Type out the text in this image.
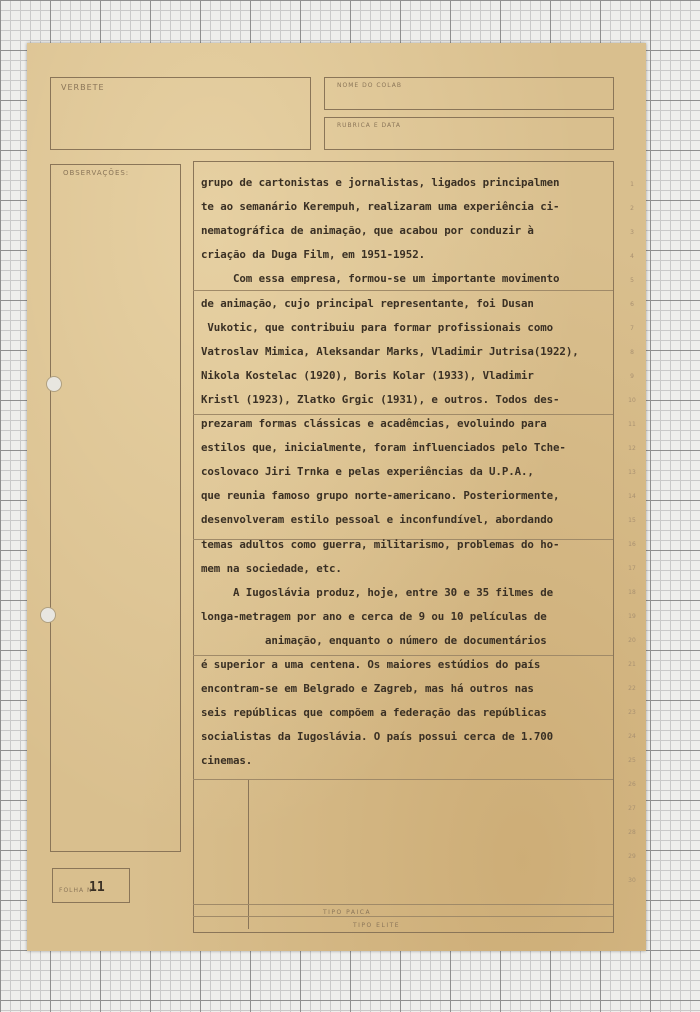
VERBETE	NOME DO COLAB
RUBRICA E DATA
OBSERVAÇÕES:
FOLHA Nº
11
TIPO PAICA
TIPO ELITE
1
2
3
4
5
6
7
8
9
10
11
12
13
14
15
16
17
18
19
20
21
22
23
24
25
26
27
28
29
30
grupo de cartonistas e jornalistas, ligados principalmen
te ao semanário Kerempuh, realizaram uma experiência ci-
nematográfica de animação, que acabou por conduzir à
criação da Duga Film, em 1951-1952.
Com essa empresa, formou-se um importante movimento
de animação, cujo principal representante, foi Dusan
Vukotic, que contribuiu para formar profissionais como
Vatroslav Mimica, Aleksandar Marks, Vladimir Jutrisa(1922),
Nikola Kostelac (1920), Boris Kolar (1933), Vladimir
Kristl (1923), Zlatko Grgic (1931), e outros. Todos des-
prezaram formas clássicas e acadêmcias, evoluindo para
estilos que, inicialmente, foram influenciados pelo Tche-
coslovaco Jiri Trnka e pelas experiências da U.P.A.,
que reunia famoso grupo norte-americano. Posteriormente,
desenvolveram estilo pessoal e inconfundível, abordando
temas adultos como guerra, militarismo, problemas do ho-
mem na sociedade, etc.
A Iugoslávia produz, hoje, entre 30 e 35 filmes de
longa-metragem por ano e cerca de 9 ou 10 películas de
animação, enquanto o número de documentários
é superior a uma centena. Os maiores estúdios do país
encontram-se em Belgrado e Zagreb, mas há outros nas
seis repúblicas que compõem a federação das repúblicas
socialistas da Iugoslávia. O país possui cerca de 1.700
cinemas.
